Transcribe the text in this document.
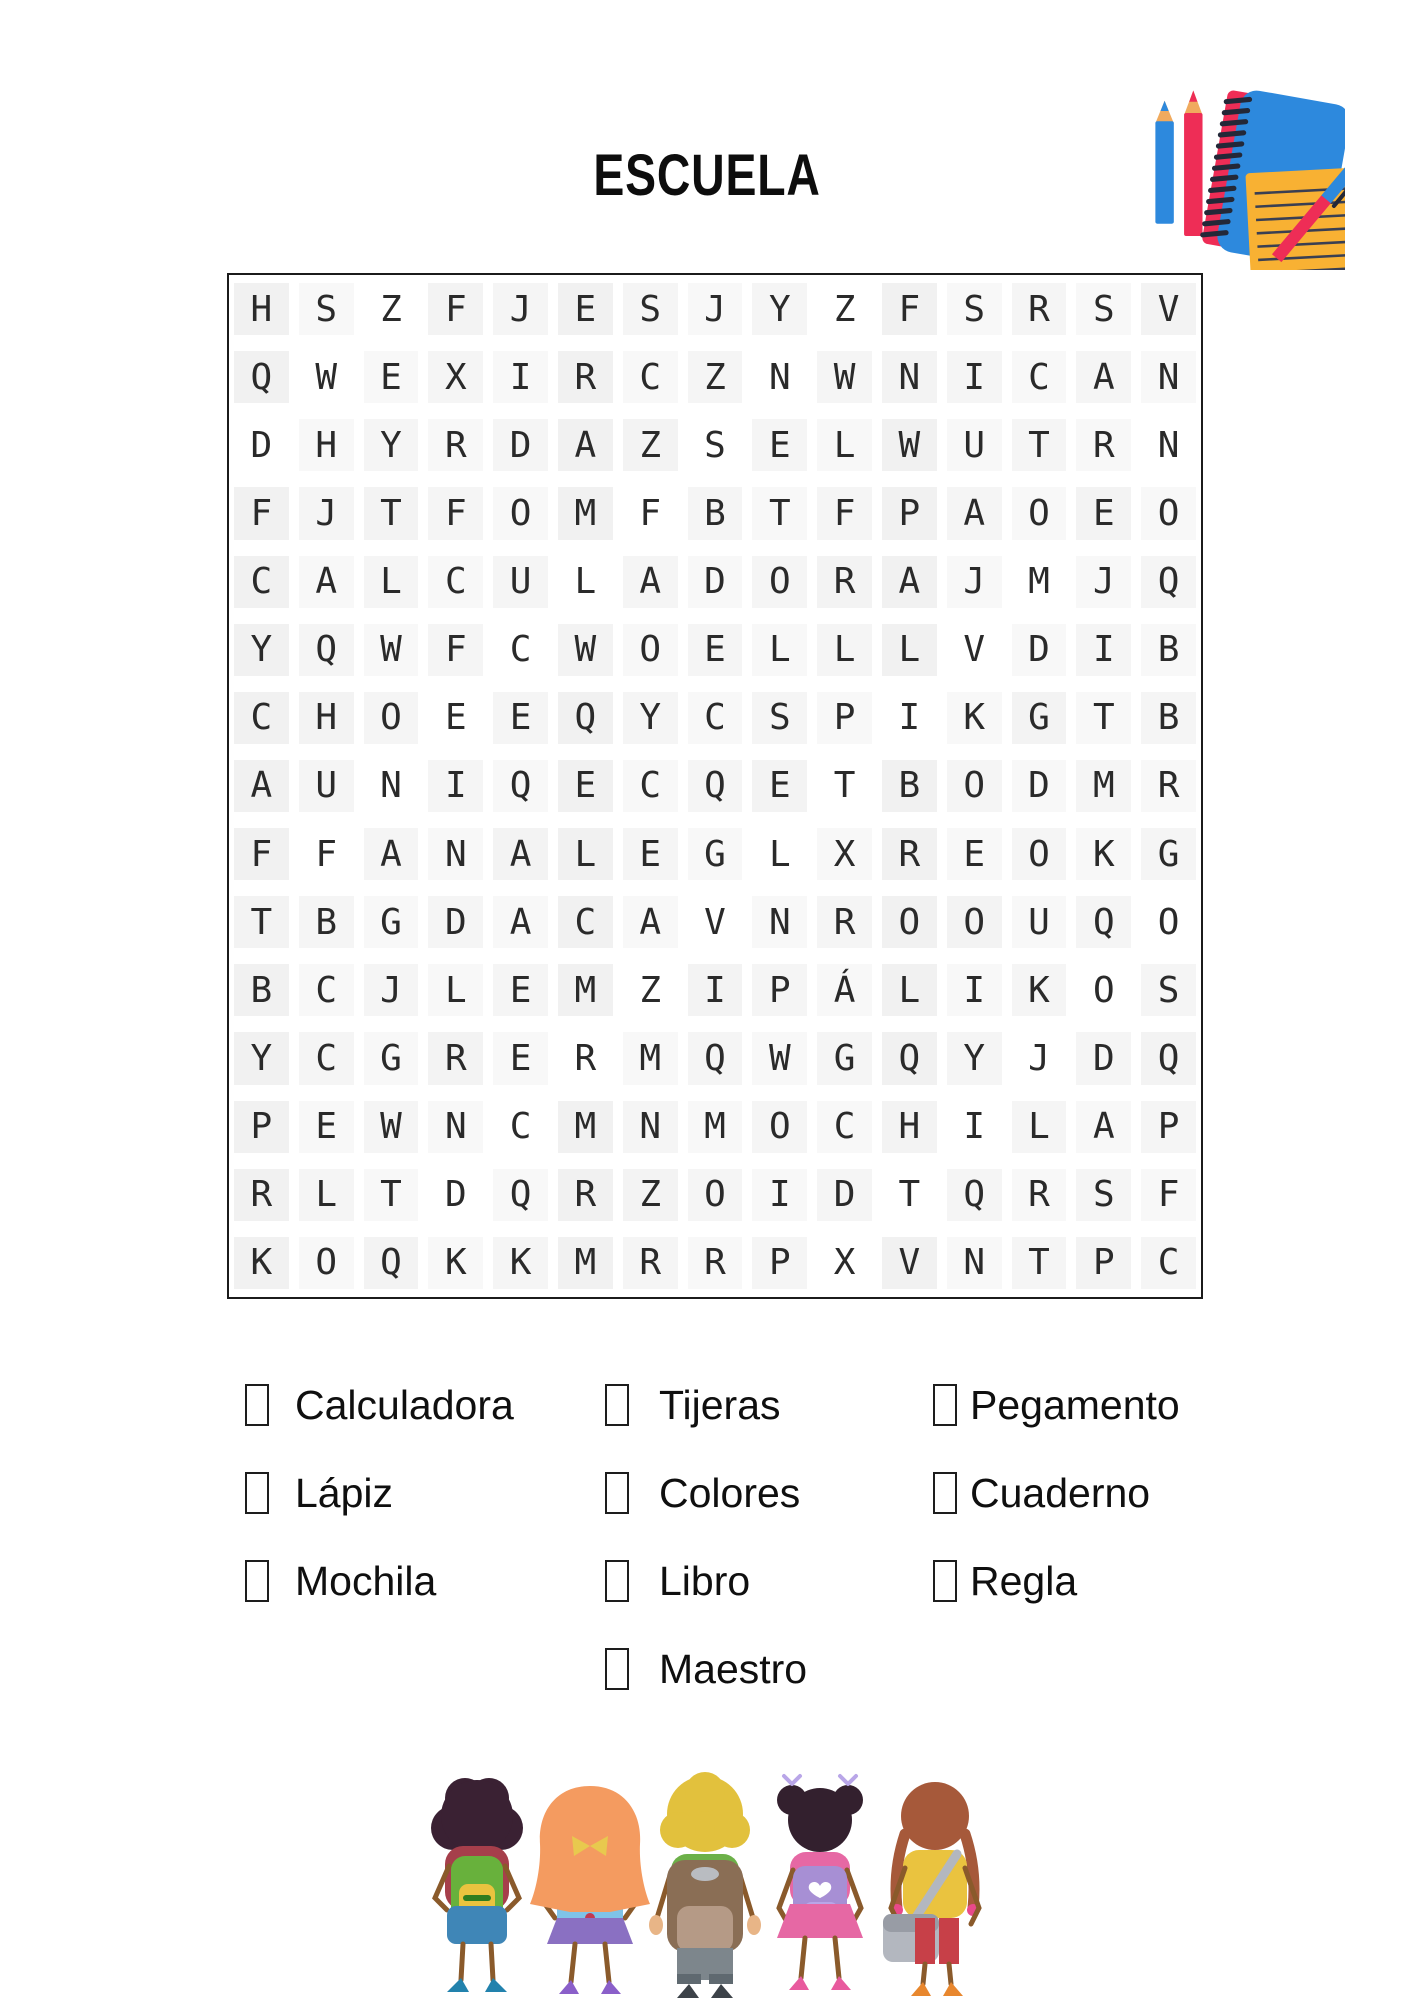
ESCUELA
H	S	Z	F	J	E	S	J	Y	Z	F	S	R	S	V
Q	W	E	X	I	R	C	Z	N	W	N	I	C	A	N
D	H	Y	R	D	A	Z	S	E	L	W	U	T	R	N
F	J	T	F	O	M	F	B	T	F	P	A	O	E	O
C	A	L	C	U	L	A	D	O	R	A	J	M	J	Q
Y	Q	W	F	C	W	O	E	L	L	L	V	D	I	B
C	H	O	E	E	Q	Y	C	S	P	I	K	G	T	B
A	U	N	I	Q	E	C	Q	E	T	B	O	D	M	R
F	F	A	N	A	L	E	G	L	X	R	E	O	K	G
T	B	G	D	A	C	A	V	N	R	O	O	U	Q	O
B	C	J	L	E	M	Z	I	P	Á	L	I	K	O	S
Y	C	G	R	E	R	M	Q	W	G	Q	Y	J	D	Q
P	E	W	N	C	M	N	M	O	C	H	I	L	A	P
R	L	T	D	Q	R	Z	O	I	D	T	Q	R	S	F
K	O	Q	K	K	M	R	R	P	X	V	N	T	P	C
Calculadora
Lápiz
Mochila
Tijeras
Colores
Libro
Maestro
Pegamento
Cuaderno
Regla
